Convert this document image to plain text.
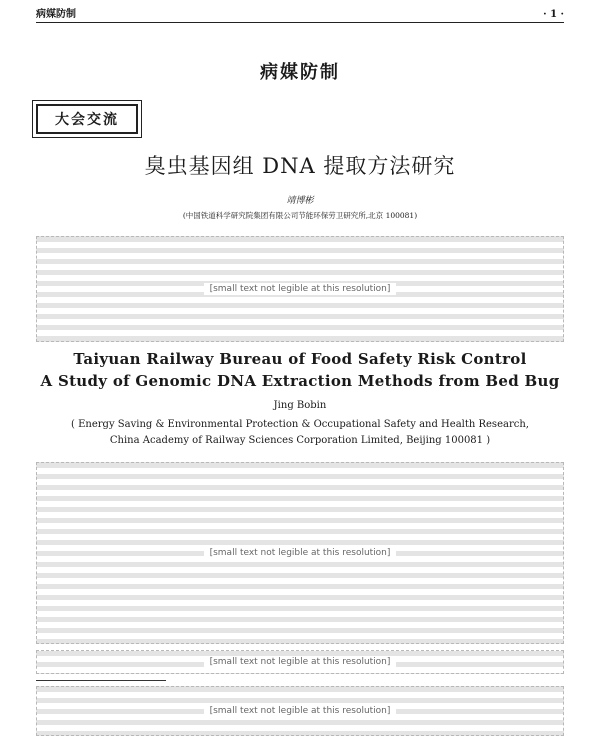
病媒防制	· 1 ·
病媒防制
大会交流
臭虫基因组 DNA 提取方法研究
靖博彬
(中国铁道科学研究院集团有限公司节能环保劳卫研究所,北京 100081)
[small text not legible at this resolution]
Taiyuan Railway Bureau of Food Safety Risk Control
A Study of Genomic DNA Extraction Methods from Bed Bug
Jing Bobin
( Energy Saving & Environmental Protection & Occupational Safety and Health Research,
China Academy of Railway Sciences Corporation Limited, Beijing 100081 )
[small text not legible at this resolution]
[small text not legible at this resolution]
[small text not legible at this resolution]
